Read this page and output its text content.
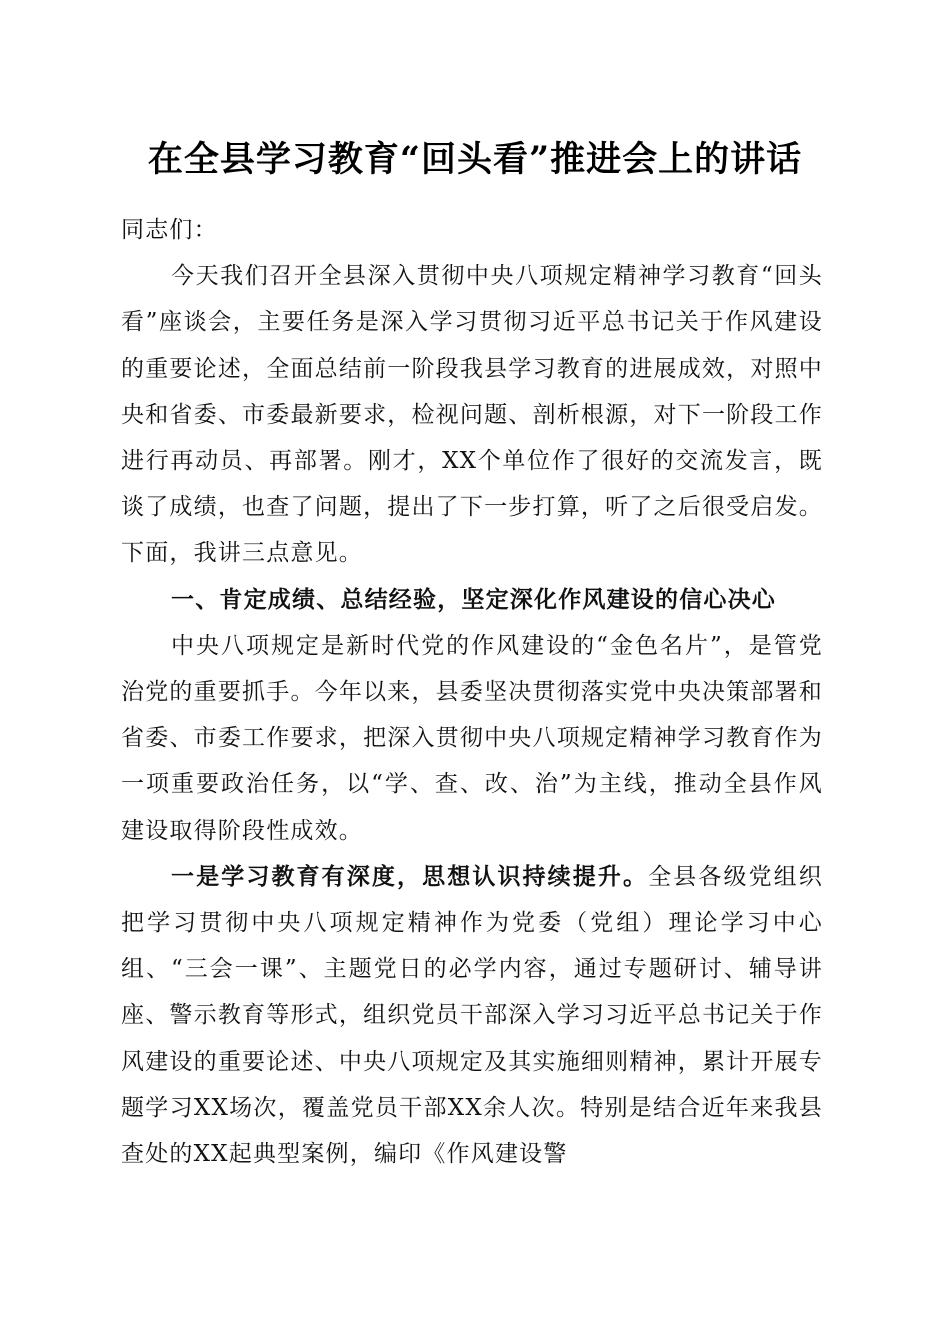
在全县学习教育“回头看”推进会上的讲话

同志们：

今天我们召开全县深入贯彻中央八项规定精神学习教育“回头看”座谈会，主要任务是深入学习贯彻习近平总书记关于作风建设的重要论述，全面总结前一阶段我县学习教育的进展成效，对照中央和省委、市委最新要求，检视问题、剖析根源，对下一阶段工作进行再动员、再部署。刚才，XX个单位作了很好的交流发言，既谈了成绩，也查了问题，提出了下一步打算，听了之后很受启发。下面，我讲三点意见。

一、肯定成绩、总结经验，坚定深化作风建设的信心决心

中央八项规定是新时代党的作风建设的“金色名片”，是管党治党的重要抓手。今年以来，县委坚决贯彻落实党中央决策部署和省委、市委工作要求，把深入贯彻中央八项规定精神学习教育作为一项重要政治任务，以“学、查、改、治”为主线，推动全县作风建设取得阶段性成效。

一是学习教育有深度，思想认识持续提升。全县各级党组织把学习贯彻中央八项规定精神作为党委（党组）理论学习中心组、“三会一课”、主题党日的必学内容，通过专题研讨、辅导讲座、警示教育等形式，组织党员干部深入学习习近平总书记关于作风建设的重要论述、中央八项规定及其实施细则精神，累计开展专题学习XX场次，覆盖党员干部XX余人次。特别是结合近年来我县查处的XX起典型案例，编印《作风建设警
